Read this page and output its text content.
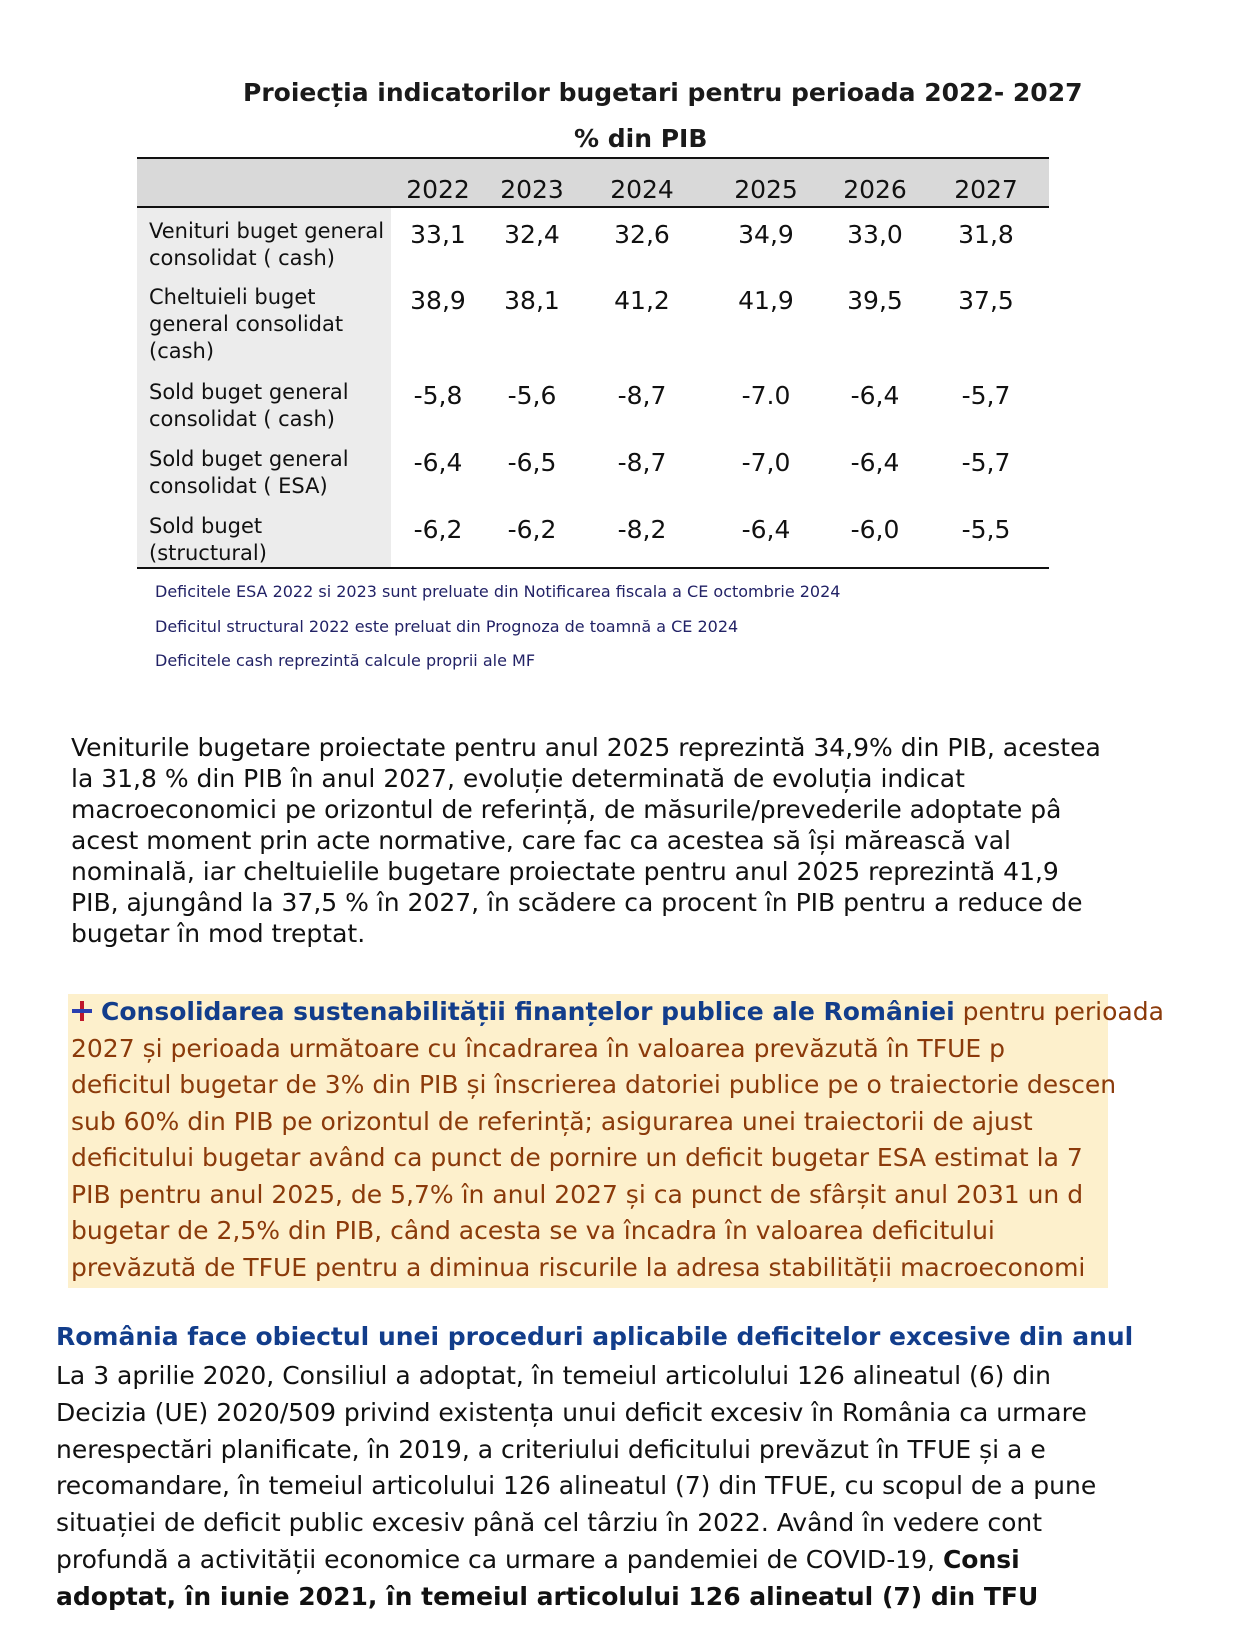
Proiecția indicatorilor bugetari pentru perioada 2022- 2027
% din PIB
	2022	2023	2024	2025	2026	2027

Venituri buget general
consolidat ( cash)	33,1	32,4	32,6	34,9	33,0	31,8

Cheltuieli buget
general consolidat
(cash)	38,9	38,1	41,2	41,9	39,5	37,5

Sold buget general
consolidat ( cash)	-5,8	-5,6	-8,7	-7.0	-6,4	-5,7

Sold buget general
consolidat ( ESA)	-6,4	-6,5	-8,7	-7,0	-6,4	-5,7

Sold buget
(structural)	-6,2	-6,2	-8,2	-6,4	-6,0	-5,5
Deficitele ESA 2022 si 2023 sunt preluate din Notificarea fiscala a CE octombrie 2024
Deficitul structural 2022 este preluat din Prognoza de toamnă a CE 2024
Deficitele cash reprezintă calcule proprii ale MF
Veniturile bugetare proiectate pentru anul 2025 reprezintă 34,9% din PIB, acestea
la 31,8 % din PIB în anul 2027, evoluție determinată de evoluția indicat
macroeconomici pe orizontul de referință, de măsurile/prevederile adoptate pâ
acest moment prin acte normative, care fac ca acestea să își mărească val
nominală, iar cheltuielile bugetare proiectate pentru anul 2025 reprezintă 41,9
PIB, ajungând la 37,5 % în 2027, în scădere ca procent în PIB pentru a reduce de
bugetar în mod treptat.

Consolidarea sustenabilității finanțelor publice ale României pentru perioada

2027 și perioada următoare cu încadrarea în valoarea prevăzută în TFUE p

deficitul bugetar de 3% din PIB și înscrierea datoriei publice pe o traiectorie descen

sub 60% din PIB pe orizontul de referință; asigurarea unei traiectorii de ajust

deficitului bugetar având ca punct de pornire un deficit bugetar ESA estimat la 7

PIB pentru anul 2025, de 5,7% în anul 2027 și ca punct de sfârșit anul 2031 un d

bugetar de 2,5% din PIB, când acesta se va încadra în valoarea deficitului

prevăzută de TFUE pentru a diminua riscurile la adresa stabilității macroeconomi

România face obiectul unei proceduri aplicabile deficitelor excesive din anul

La 3 aprilie 2020, Consiliul a adoptat, în temeiul articolului 126 alineatul (6) din

Decizia (UE) 2020/509 privind existența unui deficit excesiv în România ca urmare

nerespectări planificate, în 2019, a criteriului deficitului prevăzut în TFUE și a e

recomandare, în temeiul articolului 126 alineatul (7) din TFUE, cu scopul de a pune

situației de deficit public excesiv până cel târziu în 2022. Având în vedere cont

profundă a activității economice ca urmare a pandemiei de COVID-19, Consi

adoptat, în iunie 2021, în temeiul articolului 126 alineatul (7) din TFU
